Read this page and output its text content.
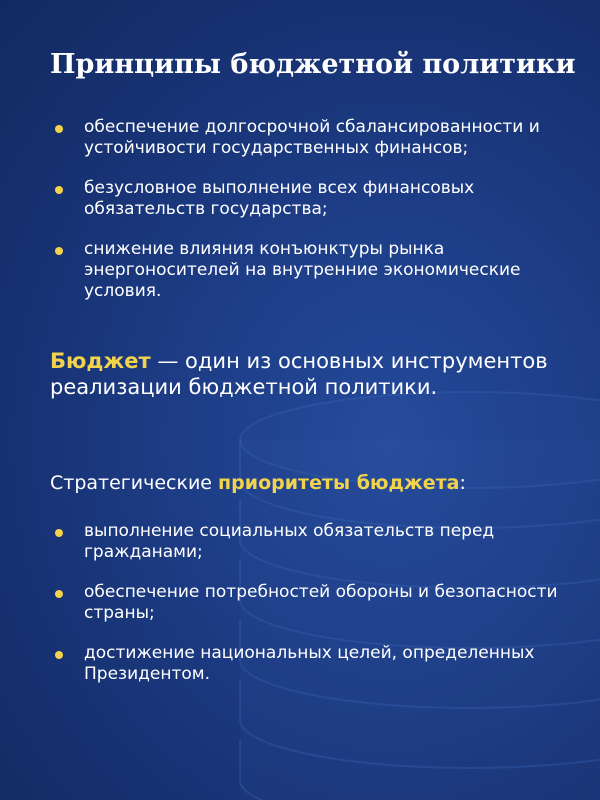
Принципы бюджетной политики
обеспечение долгосрочной сбалансированности и устойчивости государственных финансов;
безусловное выполнение всех финансовых обязательств государства;
снижение влияния конъюнктуры рынка энергоносителей на внутренние экономические условия.
Бюджет — один из основных инструментов реализации бюджетной политики.
Стратегические приоритеты бюджета:
выполнение социальных обязательств перед гражданами;
обеспечение потребностей обороны и безопасности страны;
достижение национальных целей, определенных Президентом.
